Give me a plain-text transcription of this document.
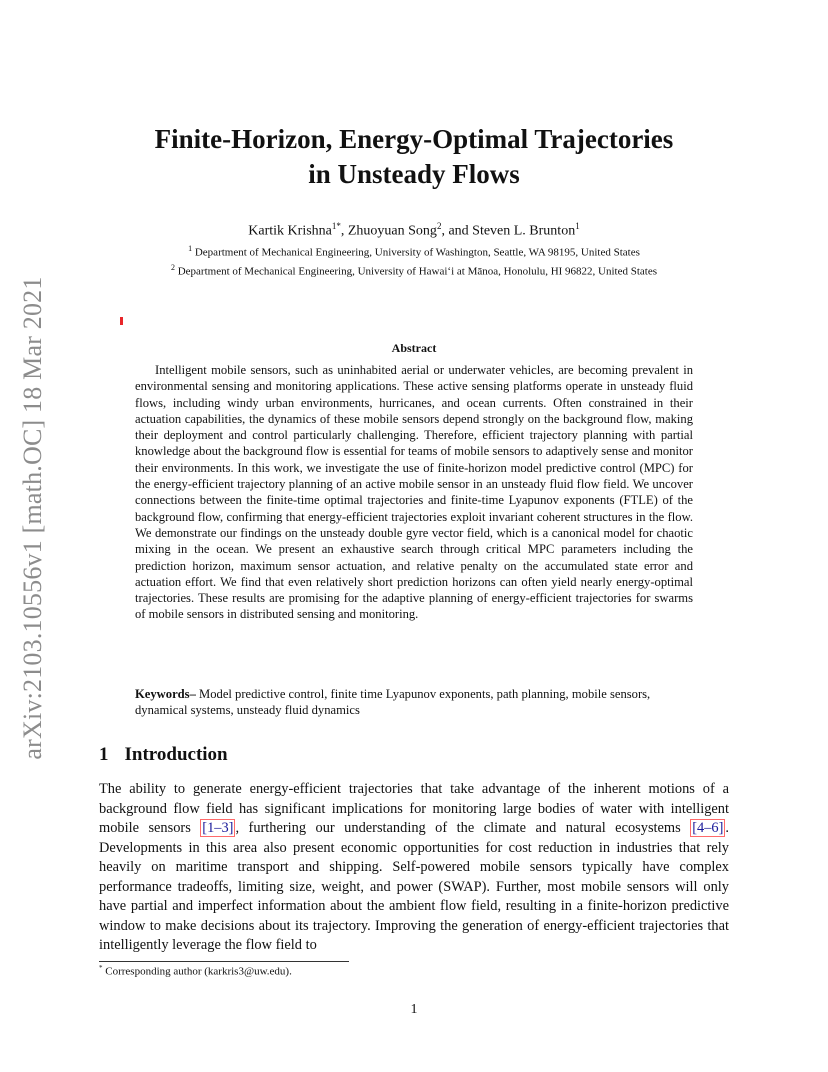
arXiv:2103.10556v1 [math.OC] 18 Mar 2021
Finite-Horizon, Energy-Optimal Trajectories
in Unsteady Flows
Kartik Krishna$^{1*}$, Zhuoyuan Song$^2$, and Steven L. Brunton$^1$
$^1$ Department of Mechanical Engineering, University of Washington, Seattle, WA 98195, United States
$^2$ Department of Mechanical Engineering, University of Hawai‘i at Mānoa, Honolulu, HI 96822, United States
Abstract
Intelligent mobile sensors, such as uninhabited aerial or underwater vehicles, are becoming prevalent in environmental sensing and monitoring applications. These active sensing platforms operate in unsteady fluid flows, including windy urban environments, hurricanes, and ocean currents. Often constrained in their actuation capabilities, the dynamics of these mobile sensors depend strongly on the background flow, making their deployment and control particularly challenging. Therefore, efficient trajectory planning with partial knowledge about the background flow is essential for teams of mobile sensors to adaptively sense and monitor their environments. In this work, we investigate the use of finite-horizon model predictive control (MPC) for the energy-efficient trajectory planning of an active mobile sensor in an unsteady fluid flow field. We uncover connections between the finite-time optimal trajectories and finite-time Lyapunov exponents (FTLE) of the background flow, confirming that energy-efficient trajectories exploit invariant coherent structures in the flow. We demonstrate our findings on the unsteady double gyre vector field, which is a canonical model for chaotic mixing in the ocean. We present an exhaustive search through critical MPC parameters including the prediction horizon, maximum sensor actuation, and relative penalty on the accumulated state error and actuation effort. We find that even relatively short prediction horizons can often yield nearly energy-optimal trajectories. These results are promising for the adaptive planning of energy-efficient trajectories for swarms of mobile sensors in distributed sensing and monitoring.
Keywords– Model predictive control, finite time Lyapunov exponents, path planning, mobile sensors, dynamical systems, unsteady fluid dynamics
1 Introduction
The ability to generate energy-efficient trajectories that take advantage of the inherent motions of a background flow field has significant implications for monitoring large bodies of water with intelligent mobile sensors [1–3] , furthering our understanding of the climate and natural ecosystems [4–6] . Developments in this area also present economic opportunities for cost reduction in industries that rely heavily on maritime transport and shipping. Self-powered mobile sensors typically have complex performance tradeoffs, limiting size, weight, and power (SWAP). Further, most mobile sensors will only have partial and imperfect information about the ambient flow field, resulting in a finite-horizon predictive window to make decisions about its trajectory. Improving the generation of energy-efficient trajectories that intelligently leverage the flow field to
* Corresponding author (karkris3@uw.edu).
1
